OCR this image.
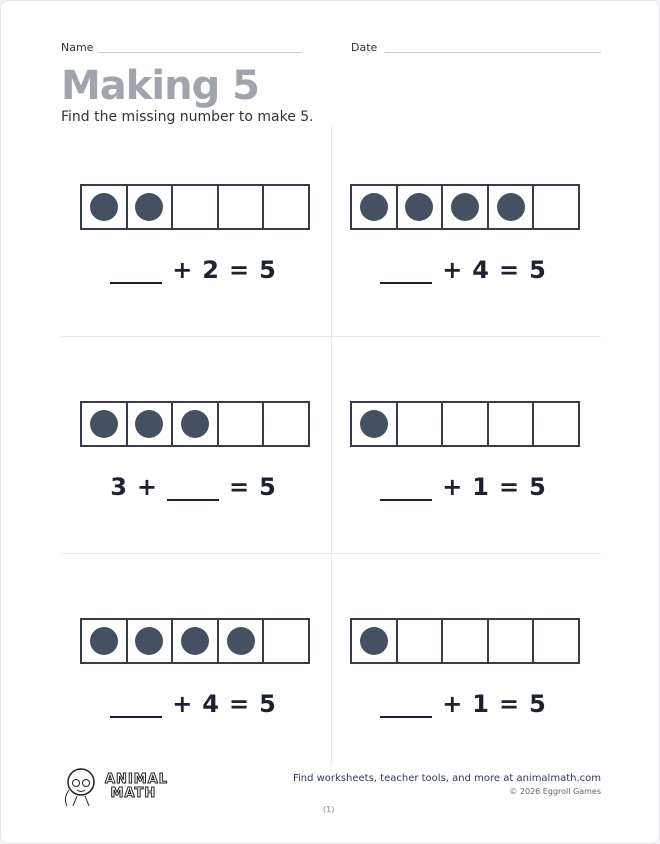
Name	Date
Making 5
Find the missing number to make 5.
+ 2 = 5	+ 4 = 5
3 +	= 5	+ 1 = 5
+ 4 = 5	+ 1 = 5
ANIMAL
MATH
Find worksheets, teacher tools, and more at animalmath.com
© 2026 Eggroll Games
(1)
